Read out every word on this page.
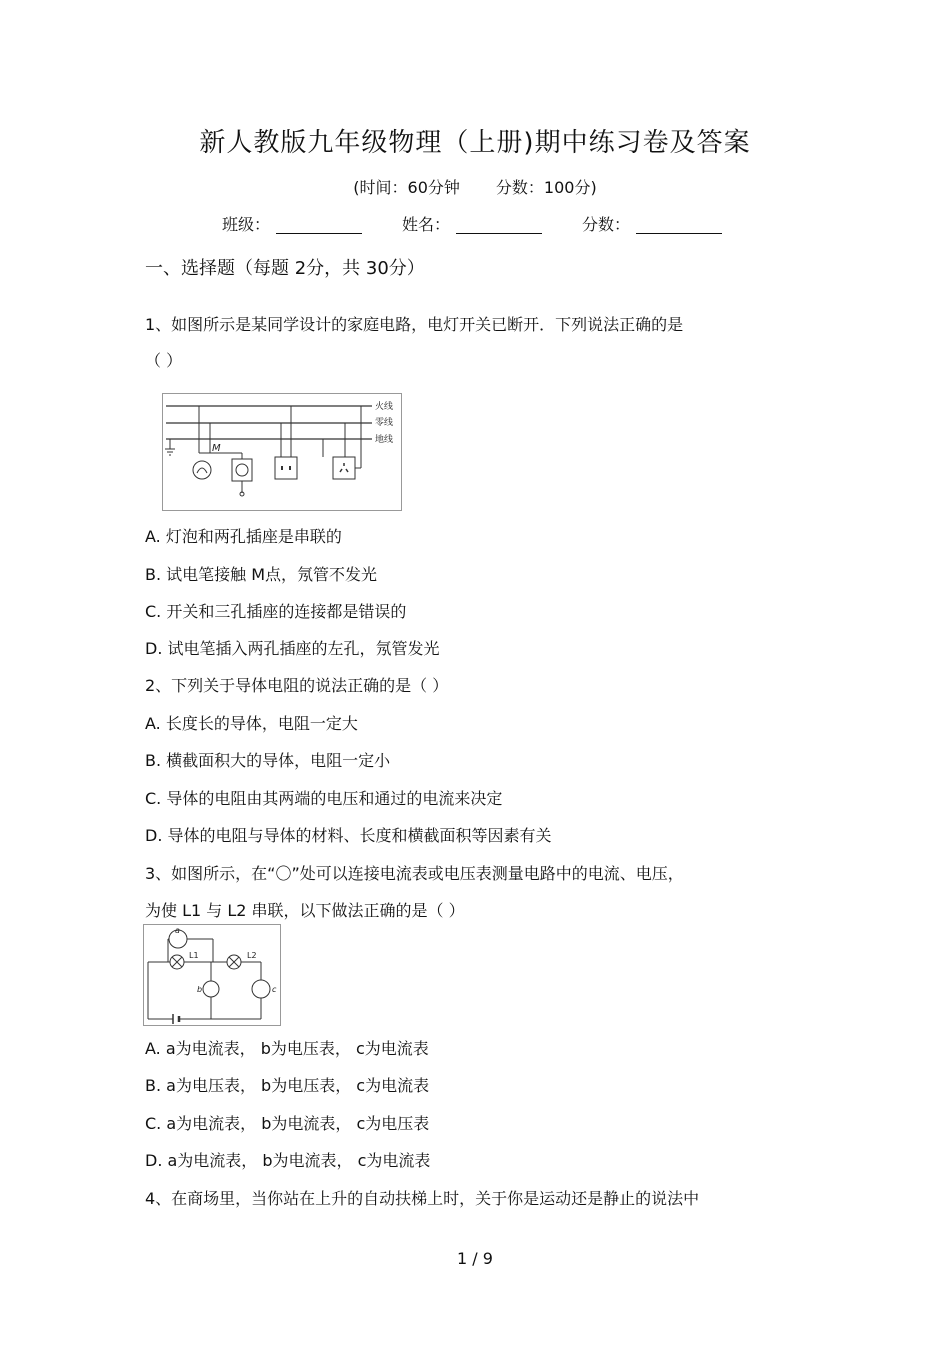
新人教版九年级物理（上册)期中练习卷及答案
(时间：60分钟 分数：100分)
班级：	姓名：	分数：
一、选择题（每题 2分，共 30分）
1、如图所示是某同学设计的家庭电路，电灯开关已断开．下列说法正确的是
（ ）
火线
零线
地线
M
A. 灯泡和两孔插座是串联的
B. 试电笔接触 M点，氖管不发光
C. 开关和三孔插座的连接都是错误的
D. 试电笔插入两孔插座的左孔，氖管发光
2、下列关于导体电阻的说法正确的是（ ）
A. 长度长的导体，电阻一定大
B. 横截面积大的导体，电阻一定小
C. 导体的电阻由其两端的电压和通过的电流来决定
D. 导体的电阻与导体的材料、长度和横截面积等因素有关
3、如图所示，在“〇”处可以连接电流表或电压表测量电路中的电流、电压，
为使 L1 与 L2 串联，以下做法正确的是（ ）
a
L1	L2
b	c
A. a为电流表， b为电压表， c为电流表
B. a为电压表， b为电压表， c为电流表
C. a为电流表， b为电流表， c为电压表
D. a为电流表， b为电流表， c为电流表
4、在商场里，当你站在上升的自动扶梯上时，关于你是运动还是静止的说法中
1 / 9
